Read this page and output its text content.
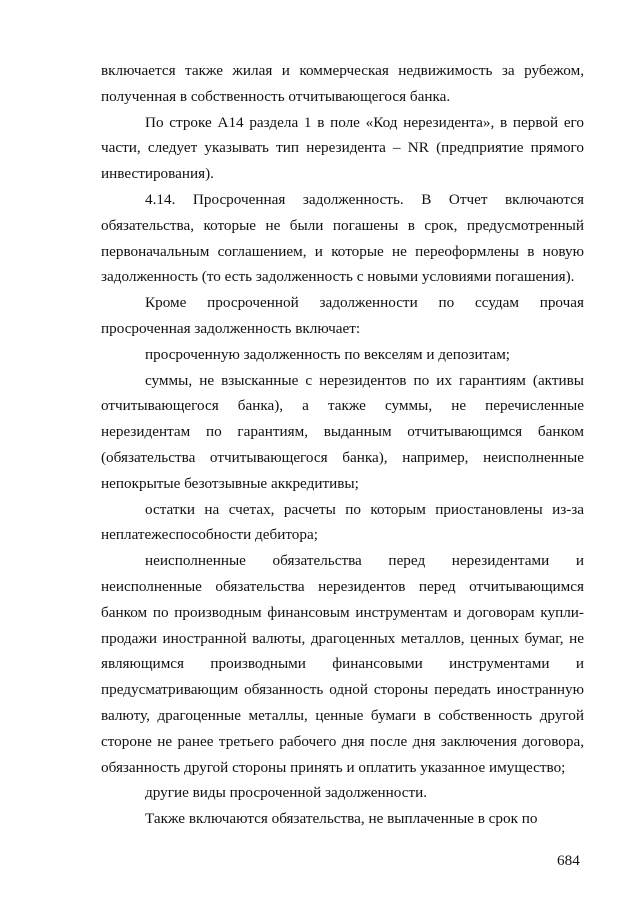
включается также жилая и коммерческая недвижимость за рубежом, полученная в собственность отчитывающегося банка.

По строке А14 раздела 1 в поле «Код нерезидента», в первой его части, следует указывать тип нерезидента – NR (предприятие прямого инвестирования).

4.14. Просроченная задолженность. В Отчет включаются обязательства, которые не были погашены в срок, предусмотренный первоначальным соглашением, и которые не переоформлены в новую задолженность (то есть задолженность с новыми условиями погашения).

Кроме просроченной задолженности по ссудам прочая просроченная задолженность включает:

просроченную задолженность по векселям и депозитам;

суммы, не взысканные с нерезидентов по их гарантиям (активы отчитывающегося банка), а также суммы, не перечисленные нерезидентам по гарантиям, выданным отчитывающимся банком (обязательства отчитывающегося банка), например, неисполненные непокрытые безотзывные аккредитивы;

остатки на счетах, расчеты по которым приостановлены из-за неплатежеспособности дебитора;

неисполненные обязательства перед нерезидентами и неисполненные обязательства нерезидентов перед отчитывающимся банком по производным финансовым инструментам и договорам купли-продажи иностранной валюты, драгоценных металлов, ценных бумаг, не являющимся производными финансовыми инструментами и предусматривающим обязанность одной стороны передать иностранную валюту, драгоценные металлы, ценные бумаги в собственность другой стороне не ранее третьего рабочего дня после дня заключения договора, обязанность другой стороны принять и оплатить указанное имущество;

другие виды просроченной задолженности.

Также включаются обязательства, не выплаченные в срок по

684
